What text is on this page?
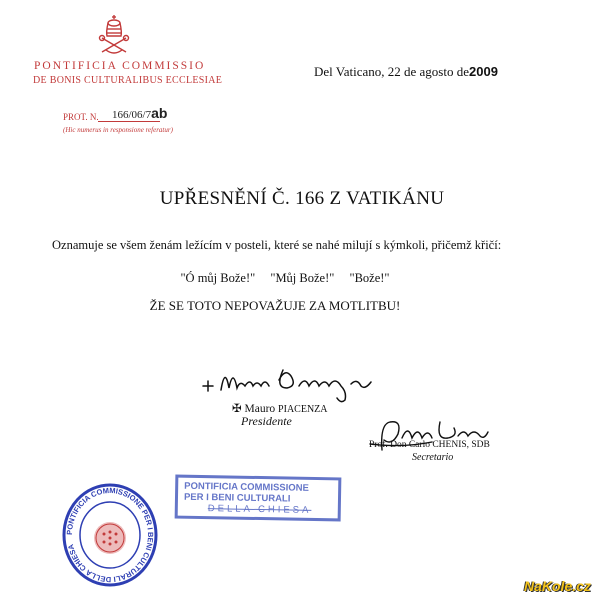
PONTIFICIA COMMISSIO
DE BONIS CULTURALIBUS ECCLESIAE
PROT. N. 166/06/7ab
(Hic numerus in responsione referatur)
Del Vaticano, 22 de agosto de2009
UPŘESNĚNÍ Č. 166 Z VATIKÁNU
Oznamuje se všem ženám ležícím v posteli, které se nahé milují s kýmkoli, přičemž křičí:
"Ó můj Bože!" "Můj Bože!" "Bože!"
ŽE SE TOTO NEPOVAŽUJE ZA MOTLITBU!
✠ Mauro PIACENZA
Presidente
Prof. Don Carlo CHENIS, SDB
Secretario
PONTIFICIA COMMISSIONE PER I BENI CULTURALI DELLA CHIESA
PONTIFICIA COMMISSIONE
PER I BENI CULTURALI
DELLA CHIESA
NaKole.cz
